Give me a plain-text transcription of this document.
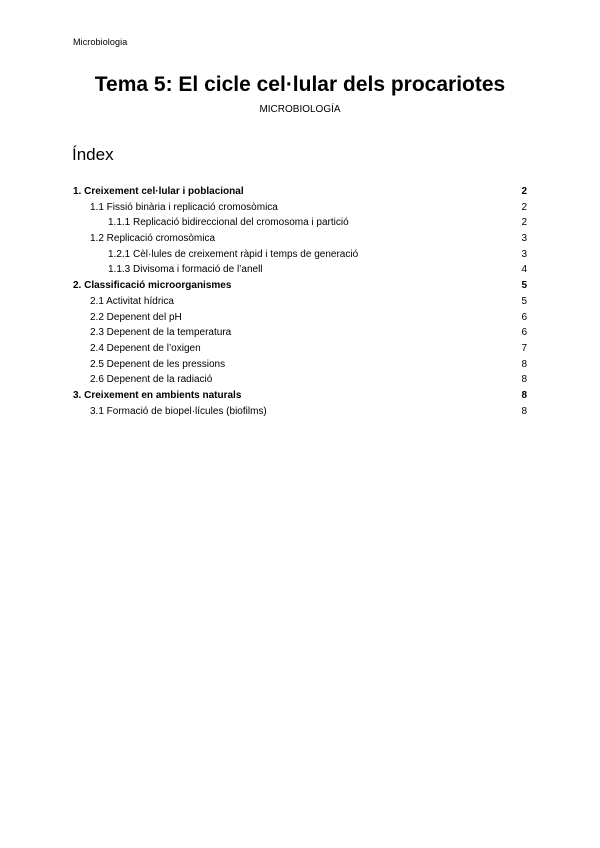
Microbiologia
Tema 5: El cicle cel·lular dels procariotes
MICROBIOLOGÍA
Índex
1. Creixement cel·lular i poblacional	2
1.1 Fissió binària i replicació cromosòmica	2
1.1.1 Replicació bidireccional del cromosoma i partició	2
1.2 Replicació cromosòmica	3
1.2.1 Cèl·lules de creixement ràpid i temps de generació	3
1.1.3 Divisoma i formació de l’anell	4
2. Classificació microorganismes	5
2.1 Activitat hídrica	5
2.2 Depenent del pH	6
2.3 Depenent de la temperatura	6
2.4 Depenent de l’oxigen	7
2.5 Depenent de les pressions	8
2.6 Depenent de la radiació	8
3. Creixement en ambients naturals	8
3.1 Formació de biopel·lícules (biofilms)	8
